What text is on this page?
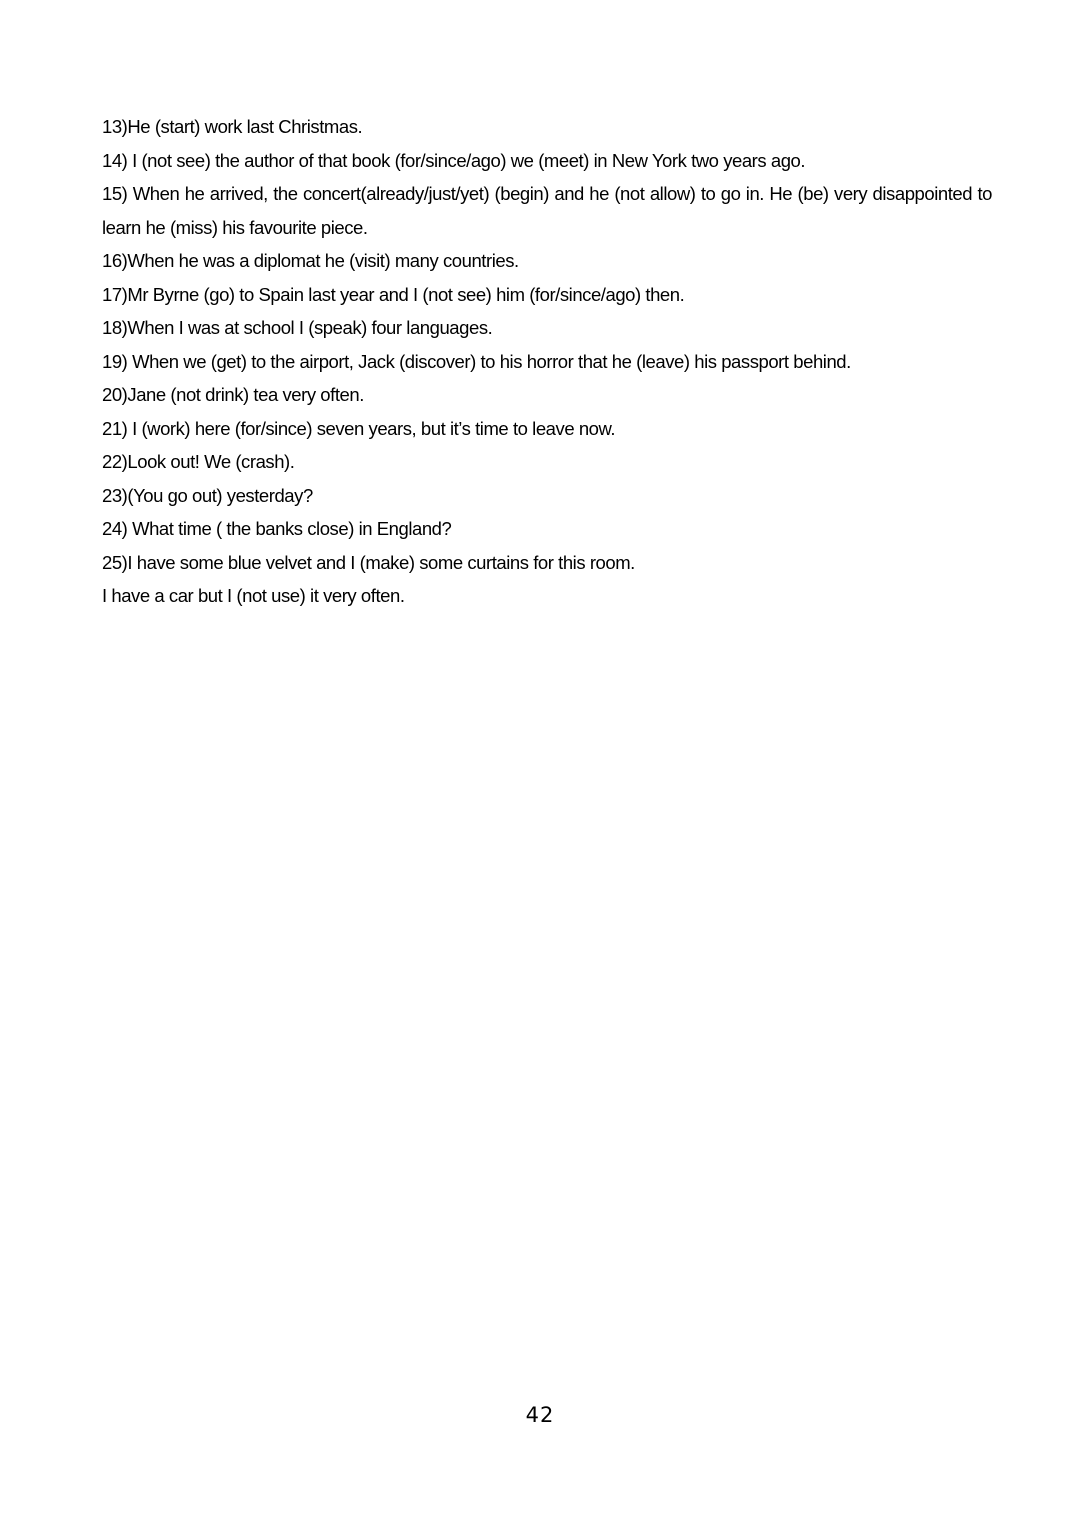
13)He (start) work last Christmas.

14) I (not see) the author of that book (for/since/ago) we (meet) in New York two years ago.

15) When he arrived, the concert(already/just/yet) (begin) and he (not allow) to go in. He (be) very disappointed to learn he (miss) his favourite piece.

16)When he was a diplomat he (visit) many countries.

17)Mr Byrne (go) to Spain last year and I (not see) him (for/since/ago) then.

18)When I was at school I (speak) four languages.

19) When we (get) to the airport, Jack (discover) to his horror that he (leave) his passport behind.

20)Jane (not drink) tea very often.

21) I (work) here (for/since) seven years, but it’s time to leave now.

22)Look out! We (crash).

23)(You go out) yesterday?

24) What time ( the banks close) in England?

25)I have some blue velvet and I (make) some curtains for this room.

I have a car but I (not use) it very often.

42
